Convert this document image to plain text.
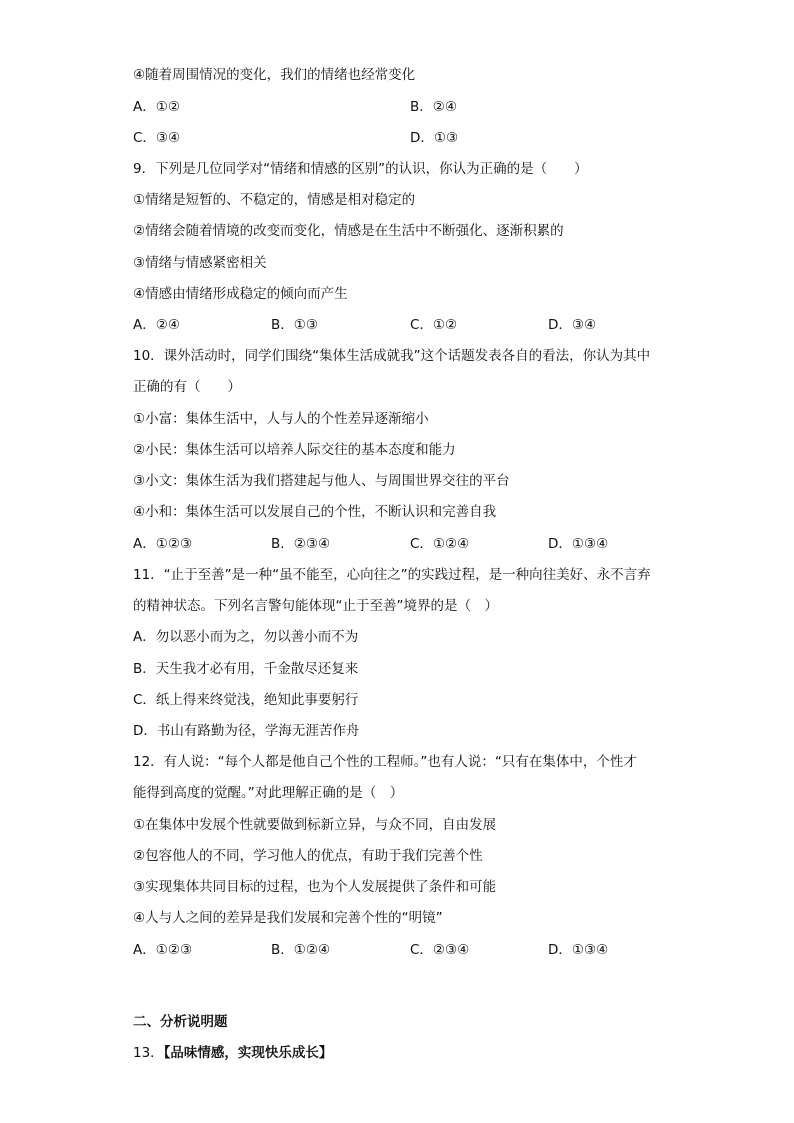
④随着周围情况的变化，我们的情绪也经常变化
A．①②	B．②④
C．③④	D．①③
9．下列是几位同学对“情绪和情感的区别”的认识，你认为正确的是（　　）
①情绪是短暂的、不稳定的，情感是相对稳定的
②情绪会随着情境的改变而变化，情感是在生活中不断强化、逐渐积累的
③情绪与情感紧密相关
④情感由情绪形成稳定的倾向而产生
A．②④	B．①③	C．①②	D．③④
10．课外活动时，同学们围绕“集体生活成就我”这个话题发表各自的看法，你认为其中
正确的有（　　）
①小富：集体生活中，人与人的个性差异逐渐缩小
②小民：集体生活可以培养人际交往的基本态度和能力
③小文：集体生活为我们搭建起与他人、与周围世界交往的平台
④小和：集体生活可以发展自己的个性，不断认识和完善自我
A．①②③	B．②③④	C．①②④	D．①③④
11．“止于至善”是一种“虽不能至，心向往之”的实践过程，是一种向往美好、永不言弃
的精神状态。下列名言警句能体现“止于至善”境界的是（　）
A．勿以恶小而为之，勿以善小而不为
B．天生我才必有用，千金散尽还复来
C．纸上得来终觉浅，绝知此事要躬行
D．书山有路勤为径，学海无涯苦作舟
12．有人说：“每个人都是他自己个性的工程师。”也有人说：“只有在集体中，个性才
能得到高度的觉醒。”对此理解正确的是（　）
①在集体中发展个性就要做到标新立异，与众不同，自由发展
②包容他人的不同，学习他人的优点，有助于我们完善个性
③实现集体共同目标的过程，也为个人发展提供了条件和可能
④人与人之间的差异是我们发展和完善个性的“明镜”
A．①②③	B．①②④	C．②③④	D．①③④
二、分析说明题
13．【品味情感，实现快乐成长】
